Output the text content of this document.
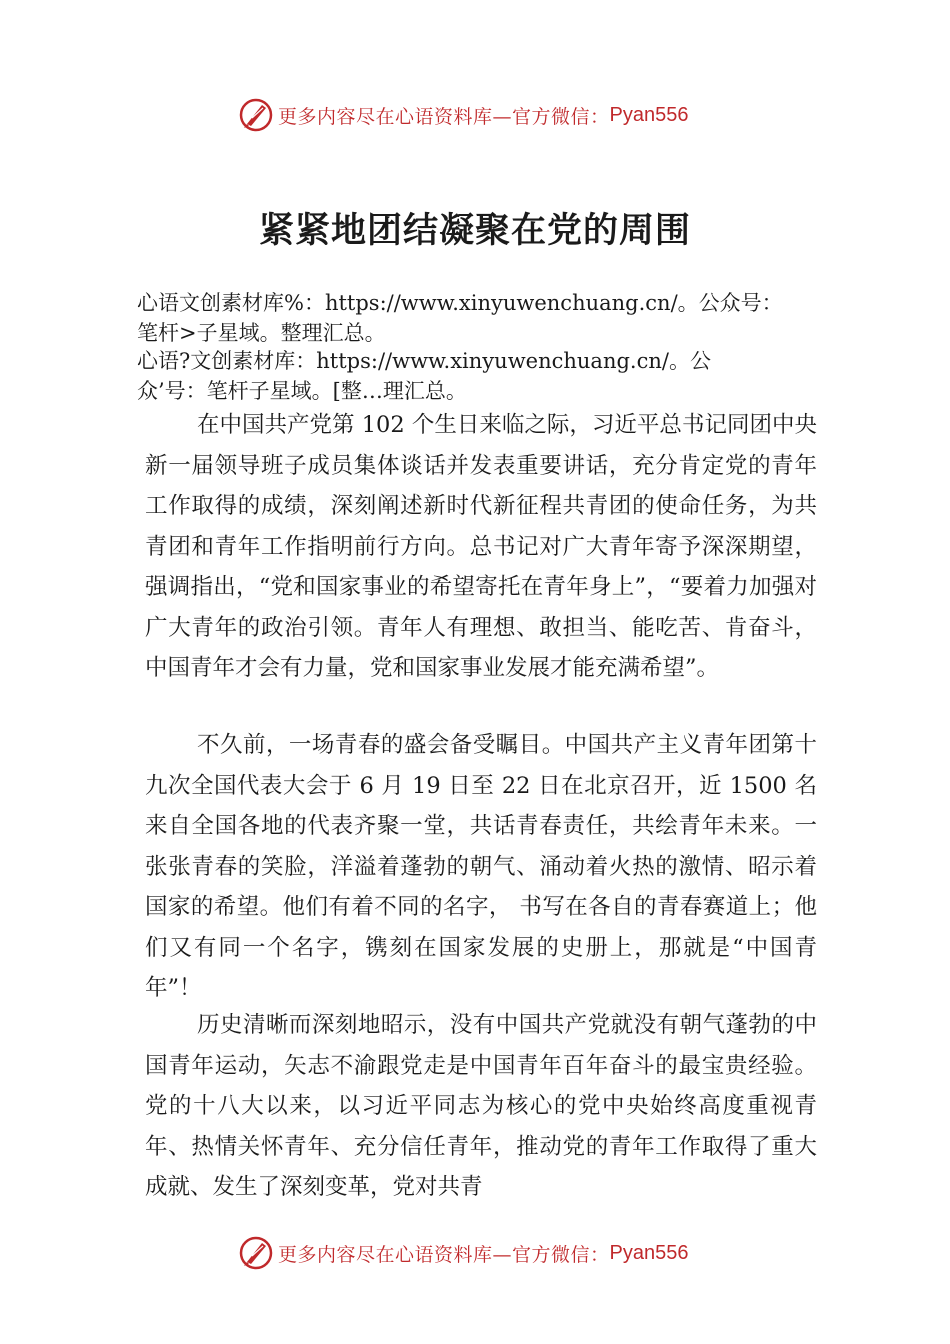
更多内容尽在心语资料库—官方微信： Pyan556
紧紧地团结凝聚在党的周围

心语文创素材库%：https://www.xinyuwenchuang.cn/。公众号：
笔杆>子星域。整理汇总。

心语?文创素材库：https://www.xinyuwenchuang.cn/。公
众’号：笔杆子星域。[整…理汇总。

在中国共产党第 102 个生日来临之际，习近平总书记同团中央新一届领导班子成员集体谈话并发表重要讲话，充分肯定党的青年工作取得的成绩，深刻阐述新时代新征程共青团的使命任务，为共青团和青年工作指明前行方向。总书记对广大青年寄予深深期望，强调指出，“党和国家事业的希望寄托在青年身上”，“要着力加强对广大青年的政治引领。青年人有理想、敢担当、能吃苦、肯奋斗，中国青年才会有力量，党和国家事业发展才能充满希望”。

不久前，一场青春的盛会备受瞩目。中国共产主义青年团第十九次全国代表大会于 6 月 19 日至 22 日在北京召开，近 1500 名来自全国各地的代表齐聚一堂，共话青春责任，共绘青年未来。一张张青春的笑脸，洋溢着蓬勃的朝气、涌动着火热的激情、昭示着国家的希望。他们有着不同的名字， 书写在各自的青春赛道上；他们又有同一个名字，镌刻在国家发展的史册上，那就是“中国青年”！

历史清晰而深刻地昭示，没有中国共产党就没有朝气蓬勃的中国青年运动，矢志不渝跟党走是中国青年百年奋斗的最宝贵经验。党的十八大以来，以习近平同志为核心的党中央始终高度重视青年、热情关怀青年、充分信任青年，推动党的青年工作取得了重大成就、发生了深刻变革，党对共青

更多内容尽在心语资料库—官方微信： Pyan556
